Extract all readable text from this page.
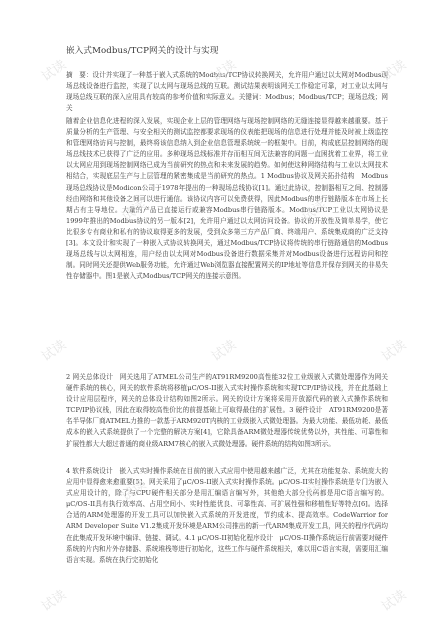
嵌入式Modbus/TCP网关的设计与实现

摘　要：设计并实现了一种基于嵌入式系统的Modbus/TCP协议转换网关，允许用户通过以太网对Modbus现场总线设备进行监控，实现了以太网与现场总线的互联。测试结果表明该网关工作稳定可靠，对工业以太网与现场总线互联的深入应用具有较高的参考价值和实际意义。关键词：Modbus；Modbus/TCP；现场总线；网关

随着企业信息化进程的深入发展，实现企业上层的管理网络与现场控制网络的无缝连接显得越来越重要。基于质量分析的生产管理、与安全相关的测试监控都要求现场的仪表能把现场的信息进行处理并能及时被上级监控和管理网络访问与控制，最终将该信息纳入到企业信息管理系统统一的框架中。目前，构成底层控制网络的现场总线技术已获得了广泛的应用。多种现场总线标准并存而相互间无法兼容的问题一直困扰着工业界，将工业以太网应用到现场控制网络已成为当前研究的热点和未来发展的趋势。如何使这种网络结构与工业以太网技术相结合，实现底层生产与上层管理的紧密集成是当前研究的热点。1 Modbus协议及网关拓扑结构　Modbus现场总线协议是Modicon公司于1978年提出的一种现场总线协议[1]。通过此协议，控制器相互之间、控制器经由网络和其他设备之间可以进行通信。该协议内容可以免费获得，因此Modbus的串行链路版本在市场上长期占有主导地位。大量的产品已直接运行或兼容Modbus串行链路版本。Modbus/TCP工业以太网协议是1999年推出的Modbus协议的另一版本[2]，允许用户通过以太网访问设备。协议的开放性及简单易学，使它比很多专有商业和私有的协议取得更多的发展，受到众多第三方产品厂商、终端用户、系统集成商的广泛支持[3]。本文设计和实现了一种嵌入式协议转换网关，通过Modbus/TCP协议将传统的串行链路通信的Modbus现场总线与以太网相连，用户经由以太网对Modbus设备进行数据采集并对Modbus设备进行远程访问和控制。同时网关还提供Web服务功能，允许通过Web浏览器直接配置网关的IP地址等信息并保存到网关的非易失性存储器中。图1是嵌入式Modbus/TCP网关的连接示意图。

2 网关总体设计　网关选用了ATMEL公司生产的AT91RM9200高性能32位工业级嵌入式微处理器作为网关硬件系统的核心，网关的软件系统将移植μC/OS-II嵌入式实时操作系统和实现TCP/IP协议栈，并在此基础上设计应用层程序，网关的总体设计结构如图2所示。网关的设计方案将采用开放源代码的嵌入式操作系统和TCP/IP协议栈，因此在取得较高性价比的前提基础上可取得最佳的扩展性。3 硬件设计　AT91RM9200是著名半导体厂商ATMEL力推的一款基于ARM920T内核的工业级嵌入式微处理器。为最大功能、最低功耗、最低成本的嵌入式系统提供了一个完整的解决方案[4]，它除具备ARM微处理器传统优势以外，其性能、可靠性和扩展性都大大超过普通的商业级ARM7核心的嵌入式微处理器。硬件系统的结构如图3所示。

4 软件系统设计　嵌入式实时操作系统在目前的嵌入式应用中使用越来越广泛，尤其在功能复杂、系统庞大的应用中显得愈来愈重要[5]。网关采用了μC/OS-II嵌入式实时操作系统。μC/OS-II实时操作系统是专门为嵌入式应用设计的，除了与CPU硬件相关部分是用汇编语言编写外，其他绝大部分代码都是用C语言编写的。μC/OS-II具有执行效率高、占用空间小、实时性能优良、可靠性高、可扩展性强和移植性好等特点[6]。选择合适的ARM处理器的开发工具可以加快嵌入式系统的开发进度，节约成本、提高效率。CodeWarrior for ARM Developer Suite V1.2集成开发环境是ARM公司推出的新一代ARM集成开发工具，网关的程序代码均在此集成开发环境中编译、链接、调试。4.1 μC/OS-II初始化程序设计　μC/OS-II操作系统运行前需要对硬件系统的片内和片外存储器、系统堆栈等进行初始化，这些工作与硬件系统相关，难以用C语言实现，需要用汇编语言实现。系统在执行完初始化

试读	试读	试读
试读	试读
试读	试读	试读
试读	试读
试读	试读
